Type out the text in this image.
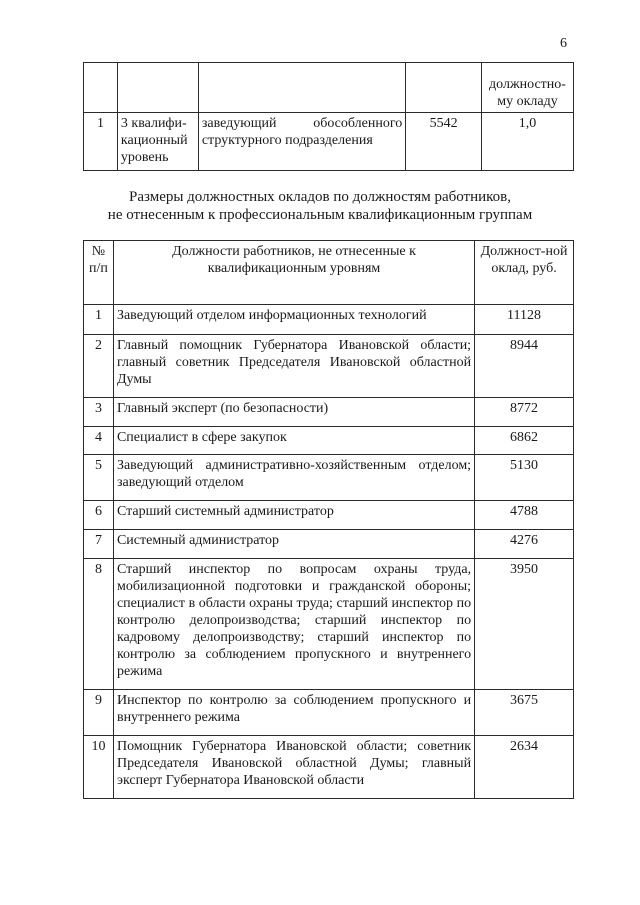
6
				должностно-му окладу
1	3 квалифи-кационный уровень	заведующий обособленного структурного подразделения	5542	1,0
Размеры должностных окладов по должностям работников,
не отнесенным к профессиональным квалификационным группам
№ п/п	Должности работников, не отнесенные к квалификационным уровням	Должност-ной оклад, руб.
1	Заведующий отделом информационных технологий	11128
2	Главный помощник Губернатора Ивановской области; главный советник Председателя Ивановской областной Думы	8944
3	Главный эксперт (по безопасности)	8772
4	Специалист в сфере закупок	6862
5	Заведующий административно-хозяйственным отделом; заведующий отделом	5130
6	Старший системный администратор	4788
7	Системный администратор	4276
8	Старший инспектор по вопросам охраны труда, мобилизационной подготовки и гражданской обороны; специалист в области охраны труда; старший инспектор по контролю делопроизводства; старший инспектор по кадровому делопроизводству; старший инспектор по контролю за соблюдением пропускного и внутреннего режима	3950
9	Инспектор по контролю за соблюдением пропускного и внутреннего режима	3675
10	Помощник Губернатора Ивановской области; советник Председателя Ивановской областной Думы; главный эксперт Губернатора Ивановской области	2634
